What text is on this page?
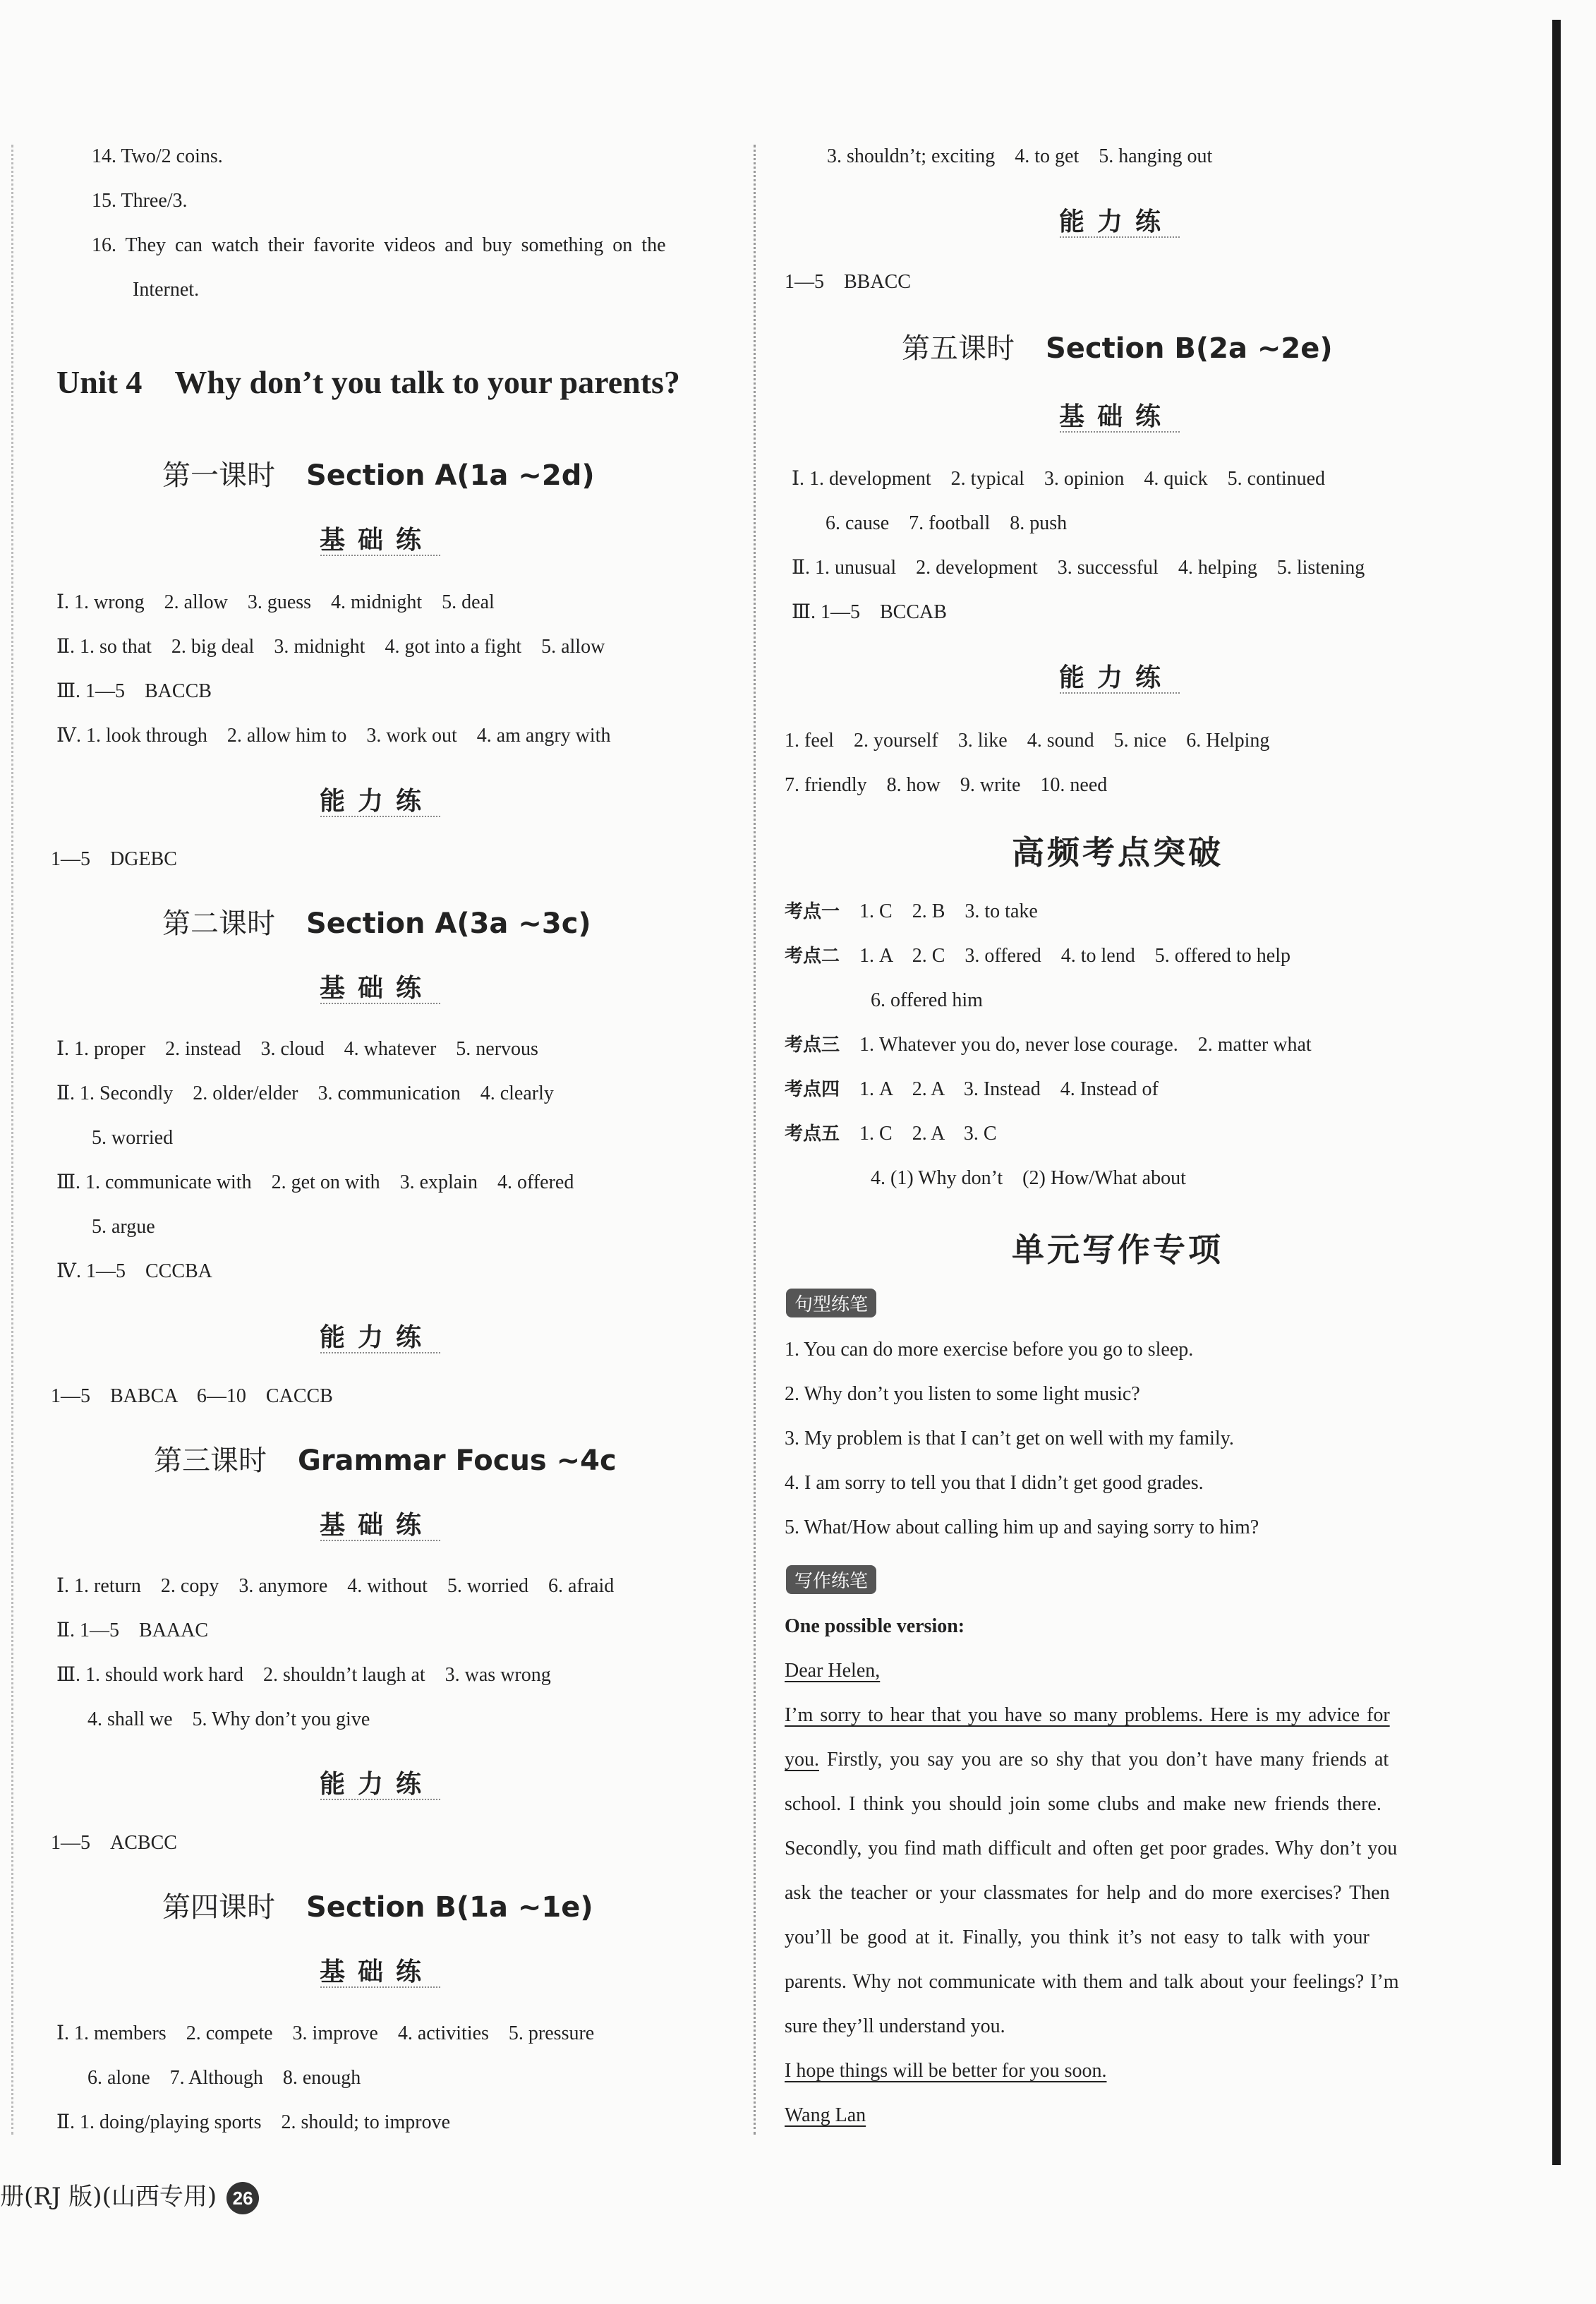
14. Two/2 coins.
15. Three/3.
16. They can watch their favorite videos and buy something on the
Internet.
Unit 4　Why don’t you talk to your parents?
第一课时 Section A(1a ~2d)
基础练
Ⅰ. 1. wrong　2. allow　3. guess　4. midnight　5. deal
Ⅱ. 1. so that　2. big deal　3. midnight　4. got into a fight　5. allow
Ⅲ. 1—5　BACCB
Ⅳ. 1. look through　2. allow him to　3. work out　4. am angry with
能力练
1—5　DGEBC
第二课时 Section A(3a ~3c)
基础练
Ⅰ. 1. proper　2. instead　3. cloud　4. whatever　5. nervous
Ⅱ. 1. Secondly　2. older/elder　3. communication　4. clearly
5. worried
Ⅲ. 1. communicate with　2. get on with　3. explain　4. offered
5. argue
Ⅳ. 1—5　CCCBA
能力练
1—5　BABCA　6—10　CACCB
第三课时 Grammar Focus ~4c
基础练
Ⅰ. 1. return　2. copy　3. anymore　4. without　5. worried　6. afraid
Ⅱ. 1—5　BAAAC
Ⅲ. 1. should work hard　2. shouldn’t laugh at　3. was wrong
4. shall we　5. Why don’t you give
能力练
1—5　ACBCC
第四课时 Section B(1a ~1e)
基础练
Ⅰ. 1. members　2. compete　3. improve　4. activities　5. pressure
6. alone　7. Although　8. enough
Ⅱ. 1. doing/playing sports　2. should; to improve
3. shouldn’t; exciting　4. to get　5. hanging out
能力练
1—5　BBACC
第五课时 Section B(2a ~2e)
基础练
Ⅰ. 1. development　2. typical　3. opinion　4. quick　5. continued
6. cause　7. football　8. push
Ⅱ. 1. unusual　2. development　3. successful　4. helping　5. listening
Ⅲ. 1—5　BCCAB
能力练
1. feel　2. yourself　3. like　4. sound　5. nice　6. Helping
7. friendly　8. how　9. write　10. need
高频考点突破
考点一　 1. C　2. B　3. to take
考点二　 1. A　2. C　3. offered　4. to lend　5. offered to help
6. offered him
考点三　 1. Whatever you do, never lose courage.　2. matter what
考点四　 1. A　2. A　3. Instead　4. Instead of
考点五　 1. C　2. A　3. C
4. (1) Why don’t　(2) How/What about
单元写作专项
句型练笔
1. You can do more exercise before you go to sleep.
2. Why don’t you listen to some light music?
3. My problem is that I can’t get on well with my family.
4. I am sorry to tell you that I didn’t get good grades.
5. What/How about calling him up and saying sorry to him?
写作练笔
One possible version:
Dear Helen,
I’m sorry to hear that you have so many problems. Here is my advice for
you. Firstly, you say you are so shy that you don’t have many friends at
school. I think you should join some clubs and make new friends there.
Secondly, you find math difficult and often get poor grades. Why don’t you
ask the teacher or your classmates for help and do more exercises? Then
you’ll be good at it. Finally, you think it’s not easy to talk with your
parents. Why not communicate with them and talk about your feelings? I’m
sure they’ll understand you.
I hope things will be better for you soon.
Wang Lan
册(RJ 版)(山西专用) 26
